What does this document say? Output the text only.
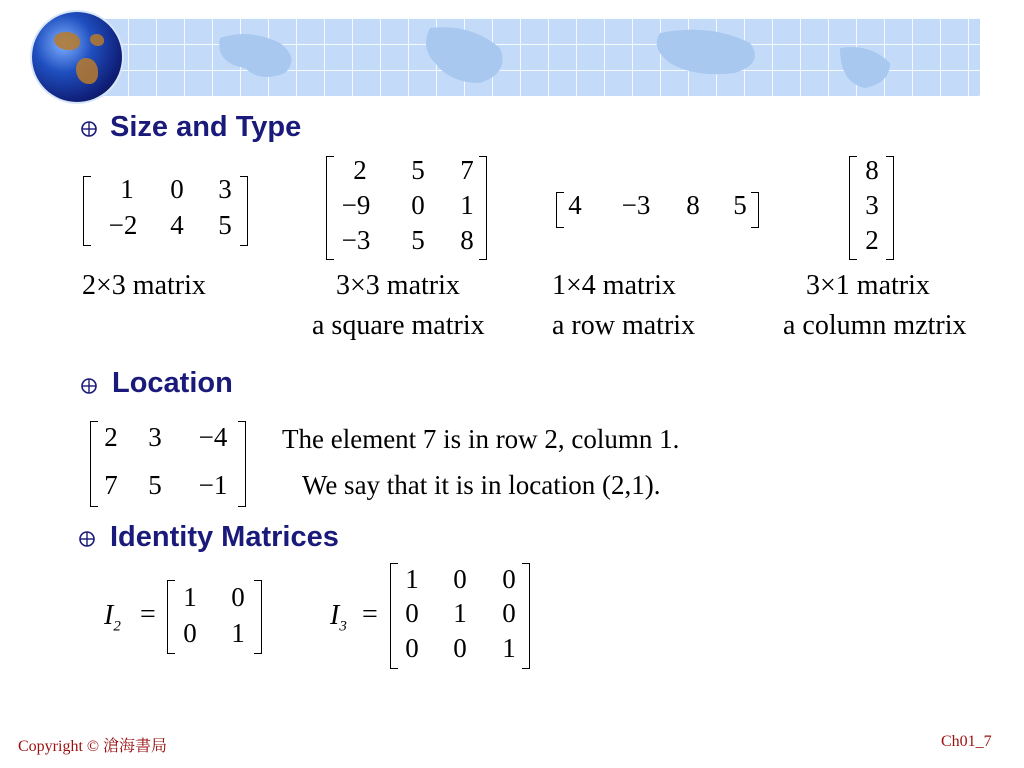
Size and Type
1	0	3
−2	4	5
2×3 matrix
2	5	7
−9	0	1
−3	5	8
3×3 matrix
a square matrix
4	−3	8	5
1×4 matrix
a row matrix
8
3
2
3×1 matrix
a column mztrix
Location
2	3	−4
7	5	−1
The element 7 is in row 2, column 1.
We say that it is in location (2,1).
Identity Matrices
$I_2$ =
1	0
0	1
$I_3$ =
1	0	0
0	1	0
0	0	1
Copyright © 滄海書局	Ch01_7
